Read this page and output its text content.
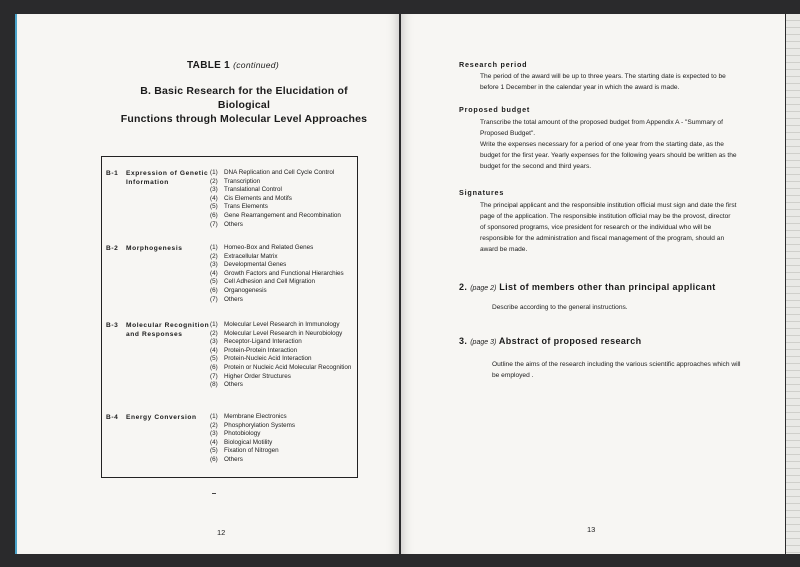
TABLE 1 (continued)
B. Basic Research for the Elucidation of Biological
Functions through Molecular Level Approaches
B-1	Expression of Genetic Information
(1) DNA Replication and Cell Cycle Control
(2) Transcription
(3) Translational Control
(4) Cis Elements and Motifs
(5) Trans Elements
(6) Gene Rearrangement and Recombination
(7) Others
B-2	Morphogenesis	(1) Homeo-Box and Related Genes
(2) Extracellular Matrix
(3) Developmental Genes
(4) Growth Factors and Functional Hierarchies
(5) Cell Adhesion and Cell Migration
(6) Organogenesis
(7) Others
B-3	Molecular Recognition and Responses
(1) Molecular Level Research in Immunology
(2) Molecular Level Research in Neurobiology
(3) Receptor-Ligand Interaction
(4) Protein-Protein Interaction
(5) Protein-Nucleic Acid Interaction
(6) Protein or Nucleic Acid Molecular Recognition
(7) Higher Order Structures
(8) Others
B-4	Energy Conversion (1) Membrane Electronics
(2) Phosphorylation Systems
(3) Photobiology
(4) Biological Motility
(5) Fixation of Nitrogen
(6) Others
12
Research period
The period of the award will be up to three years. The starting date is expected to be
before 1 December in the calendar year in which the award is made.
Proposed budget
Transcribe the total amount of the proposed budget from Appendix A - "Summary of
Proposed Budget".
Write the expenses necessary for a period of one year from the starting date, as the
budget for the first year. Yearly expenses for the following years should be written as the
budget for the second and third years.
Signatures
The principal applicant and the responsible institution official must sign and date the first
page of the application. The responsible institution official may be the provost, director
of sponsored programs, vice president for research or the individual who will be
responsible for the administration and fiscal management of the program, should an
award be made.
2. (page 2) List of members other than principal applicant
Describe according to the general instructions.
3. (page 3) Abstract of proposed research
Outline the aims of the research including the various scientific approaches which will
be employed .
13
